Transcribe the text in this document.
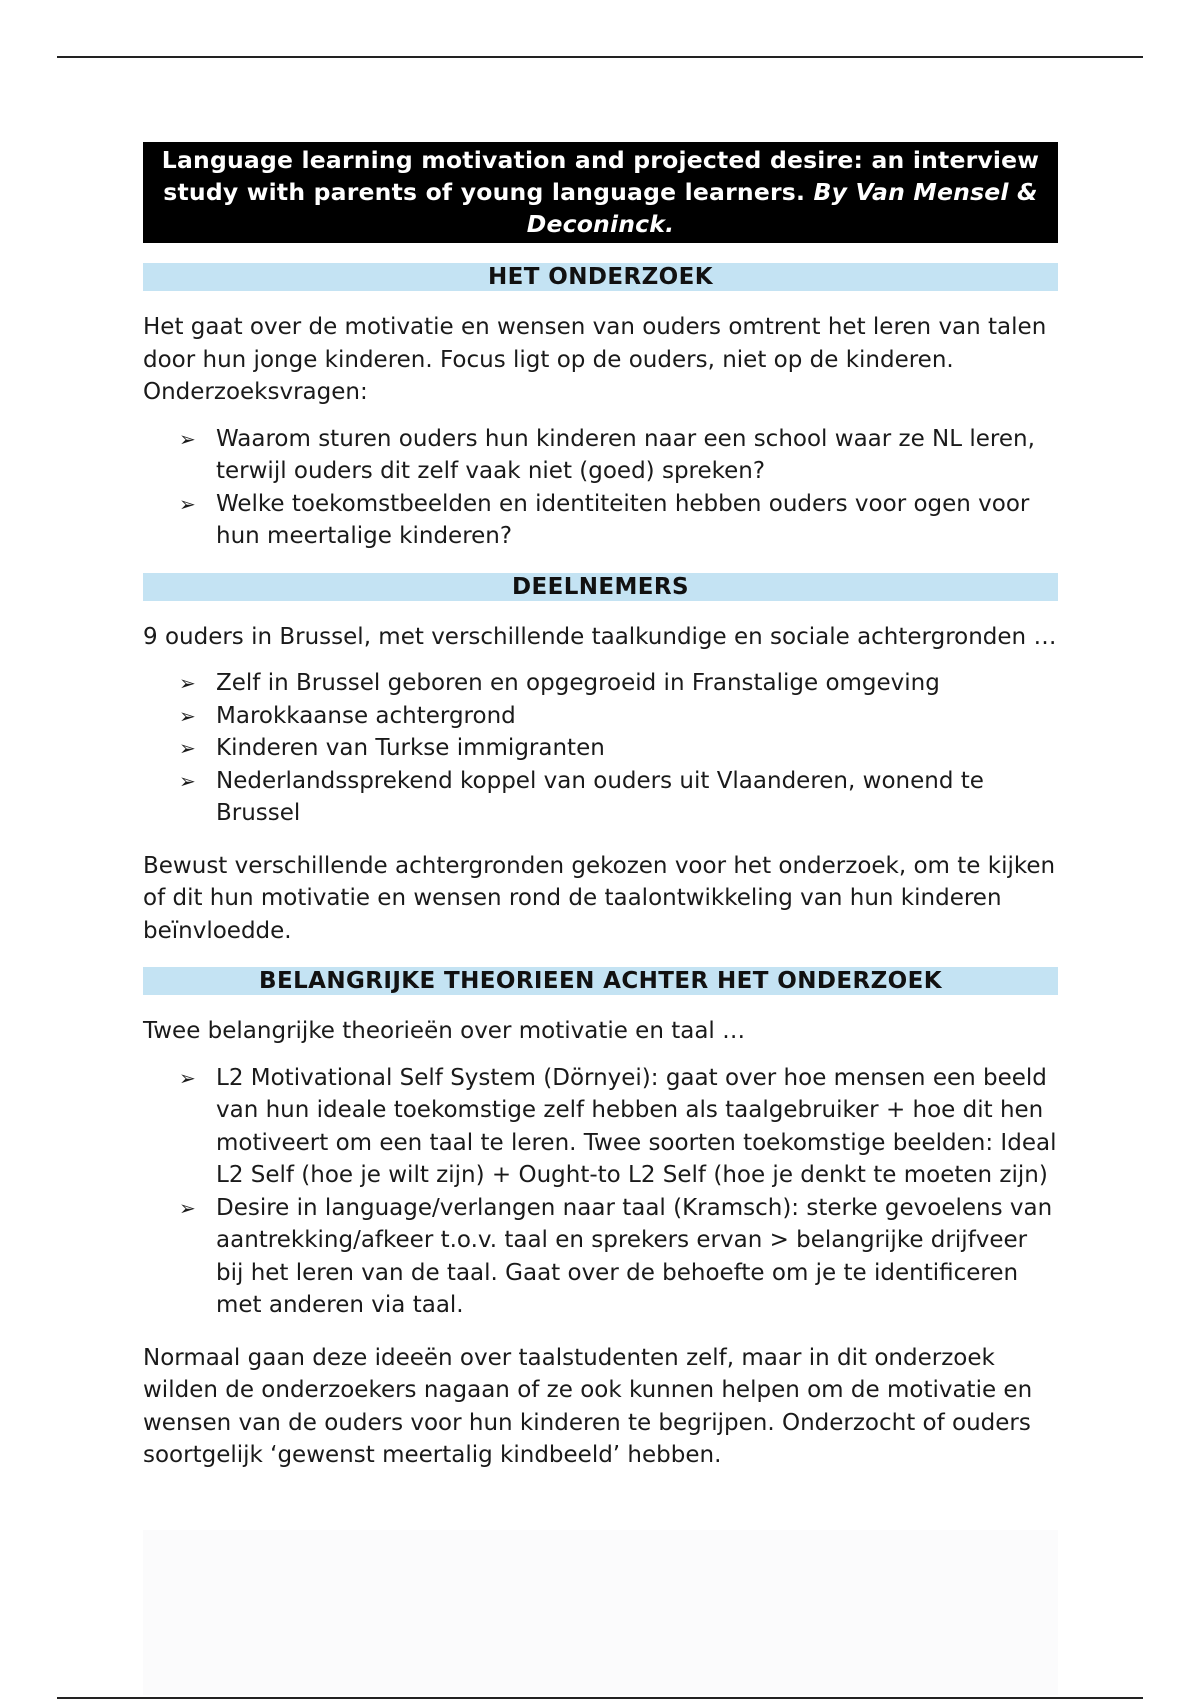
Language learning motivation and projected desire: an interview study with parents of young language learners. By Van Mensel & Deconinck.
HET ONDERZOEK

Het gaat over de motivatie en wensen van ouders omtrent het leren van talen door hun jonge kinderen. Focus ligt op de ouders, niet op de kinderen. Onderzoeksvragen:

➢ Waarom sturen ouders hun kinderen naar een school waar ze NL leren, terwijl ouders dit zelf vaak niet (goed) spreken?
➢ Welke toekomstbeelden en identiteiten hebben ouders voor ogen voor hun meertalige kinderen?
DEELNEMERS

9 ouders in Brussel, met verschillende taalkundige en sociale achtergronden …

➢ Zelf in Brussel geboren en opgegroeid in Franstalige omgeving
➢ Marokkaanse achtergrond
➢ Kinderen van Turkse immigranten
➢ Nederlandssprekend koppel van ouders uit Vlaanderen, wonend te Brussel

Bewust verschillende achtergronden gekozen voor het onderzoek, om te kijken of dit hun motivatie en wensen rond de taalontwikkeling van hun kinderen beïnvloedde.

BELANGRIJKE THEORIEEN ACHTER HET ONDERZOEK

Twee belangrijke theorieën over motivatie en taal …

➢ L2 Motivational Self System (Dörnyei): gaat over hoe mensen een beeld van hun ideale toekomstige zelf hebben als taalgebruiker + hoe dit hen motiveert om een taal te leren. Twee soorten toekomstige beelden: Ideal L2 Self (hoe je wilt zijn) + Ought-to L2 Self (hoe je denkt te moeten zijn)
➢ Desire in language/verlangen naar taal (Kramsch): sterke gevoelens van aantrekking/afkeer t.o.v. taal en sprekers ervan > belangrijke drijfveer bij het leren van de taal. Gaat over de behoefte om je te identificeren met anderen via taal.

Normaal gaan deze ideeën over taalstudenten zelf, maar in dit onderzoek wilden de onderzoekers nagaan of ze ook kunnen helpen om de motivatie en wensen van de ouders voor hun kinderen te begrijpen. Onderzocht of ouders soortgelijk ‘gewenst meertalig kindbeeld’ hebben.
